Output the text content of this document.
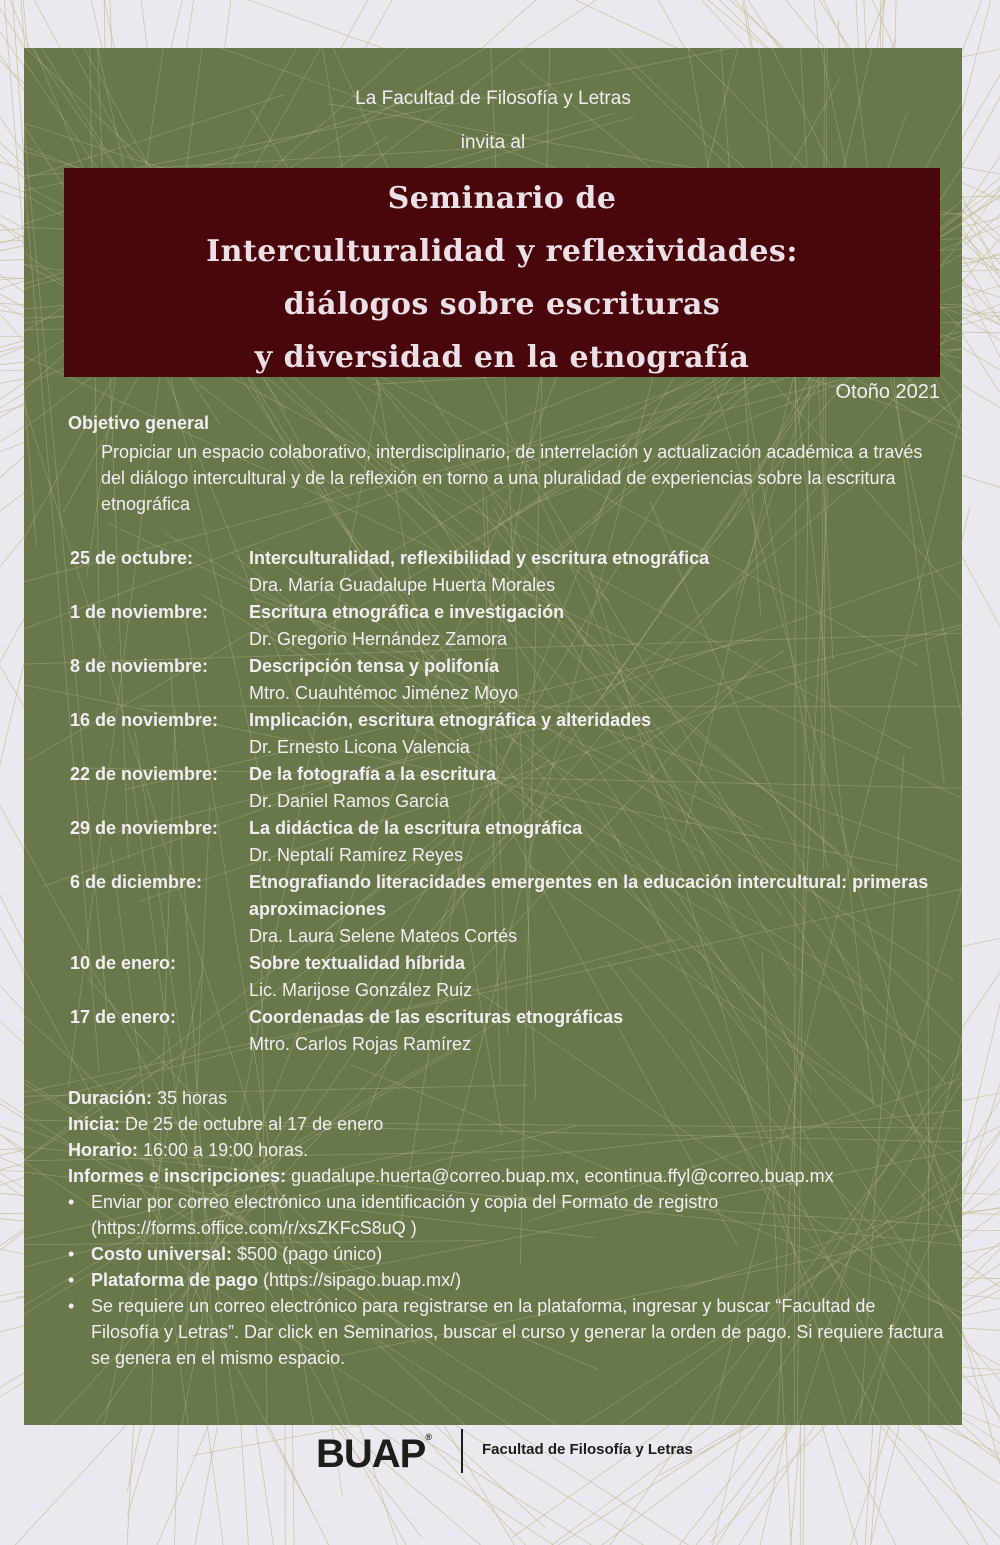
La Facultad de Filosofía y Letras
invita al
Seminario de
Interculturalidad y reflexividades:
diálogos sobre escrituras
y diversidad en la etnografía
Otoño 2021
Objetivo general
Propiciar un espacio colaborativo, interdisciplinario, de interrelación y actualización académica a través del diálogo intercultural y de la reflexión en torno a una pluralidad de experiencias sobre la escritura etnográfica
25 de octubre:	Interculturalidad, reflexibilidad y escritura etnográfica
Dra. María Guadalupe Huerta Morales
1 de noviembre:	Escritura etnográfica e investigación
Dr. Gregorio Hernández Zamora
8 de noviembre:	Descripción tensa y polifonía
Mtro. Cuauhtémoc Jiménez Moyo
16 de noviembre:	Implicación, escritura etnográfica y alteridades
Dr. Ernesto Licona Valencia
22 de noviembre:	De la fotografía a la escritura
Dr. Daniel Ramos García
29 de noviembre:	La didáctica de la escritura etnográfica
Dr. Neptalí Ramírez Reyes
6 de diciembre:	Etnografiando literacidades emergentes en la educación intercultural: primeras aproximaciones
Dra. Laura Selene Mateos Cortés
10 de enero:	Sobre textualidad híbrida
Lic. Marijose González Ruiz
17 de enero:	Coordenadas de las escrituras etnográficas
Mtro. Carlos Rojas Ramírez
Duración: 35 horas
Inicia: De 25 de octubre al 17 de enero
Horario: 16:00 a 19:00 horas.
Informes e inscripciones: guadalupe.huerta@correo.buap.mx, econtinua.ffyl@correo.buap.mx
• Enviar por correo electrónico una identificación y copia del Formato de registro (https://forms.office.com/r/xsZKFcS8uQ )
• Costo universal: $500 (pago único)
• Plataforma de pago (https://sipago.buap.mx/)
• Se requiere un correo electrónico para registrarse en la plataforma, ingresar y buscar “Facultad de Filosofía y Letras”. Dar click en Seminarios, buscar el curso y generar la orden de pago. Si requiere factura se genera en el mismo espacio.
BUAP®
Facultad de Filosofía y Letras
